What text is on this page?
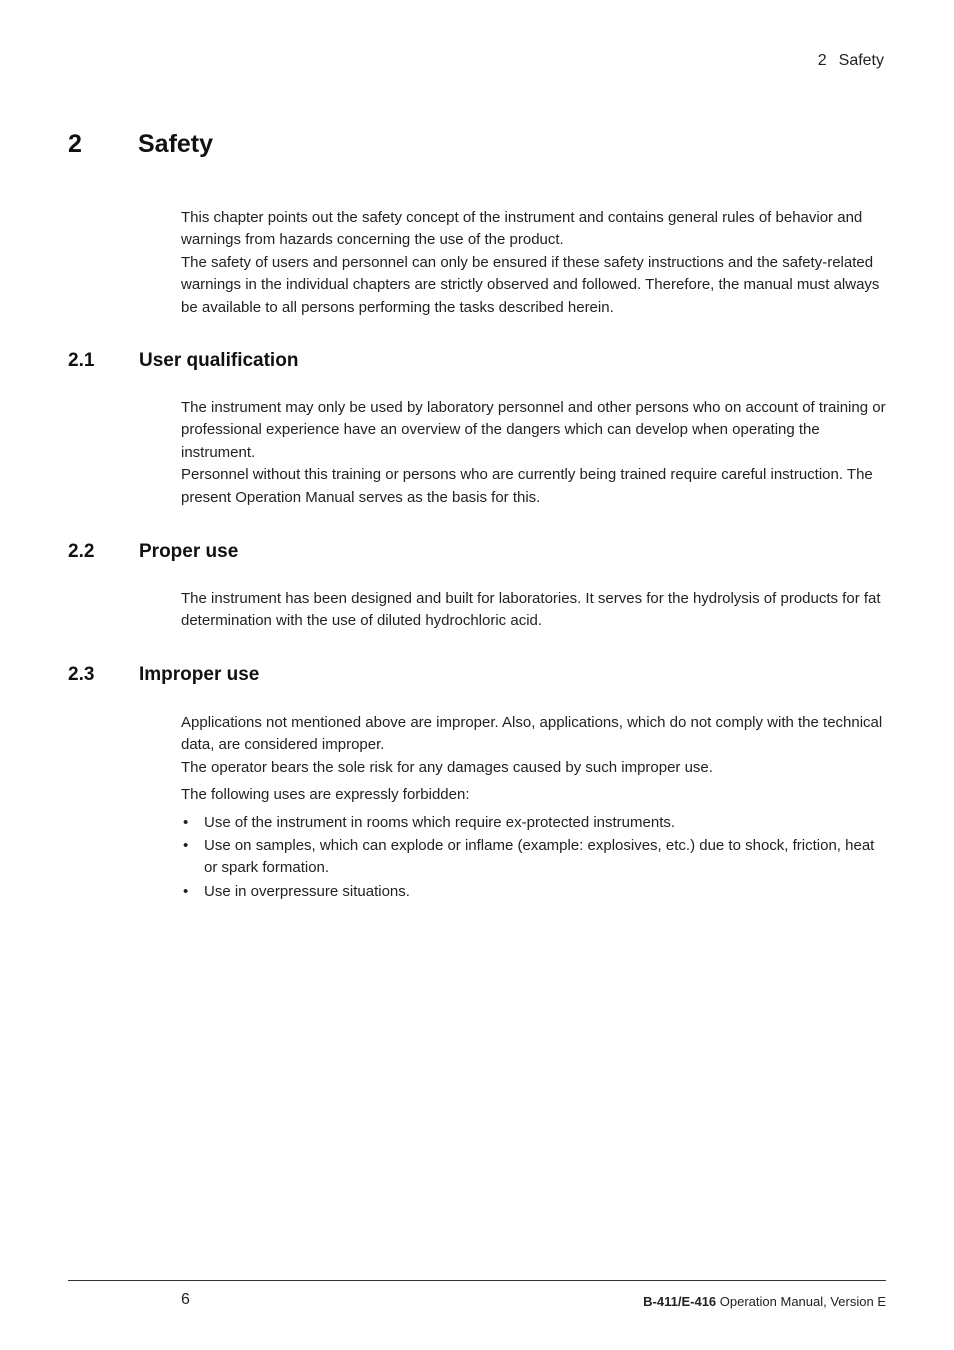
2 Safety
2 Safety

This chapter points out the safety concept of the instrument and contains general rules of behavior and warnings from hazards concerning the use of the product.

The safety of users and personnel can only be ensured if these safety instructions and the safety-related warnings in the individual chapters are strictly observed and followed. Therefore, the manual must always be available to all persons performing the tasks described herein.

2.1 User qualification

The instrument may only be used by laboratory personnel and other persons who on account of training or professional experience have an overview of the dangers which can develop when operating the instrument.

Personnel without this training or persons who are currently being trained require careful instruction. The present Operation Manual serves as the basis for this.

2.2 Proper use

The instrument has been designed and built for laboratories. It serves for the hydrolysis of products for fat determination with the use of diluted hydrochloric acid.

2.3 Improper use

Applications not mentioned above are improper. Also, applications, which do not comply with the technical data, are considered improper.

The operator bears the sole risk for any damages caused by such improper use.

The following uses are expressly forbidden:

• Use of the instrument in rooms which require ex-protected instruments.
• Use on samples, which can explode or inflame (example: explosives, etc.) due to shock, friction, heat or spark formation.
• Use in overpressure situations.
6	B-411/E-416 Operation Manual, Version E
